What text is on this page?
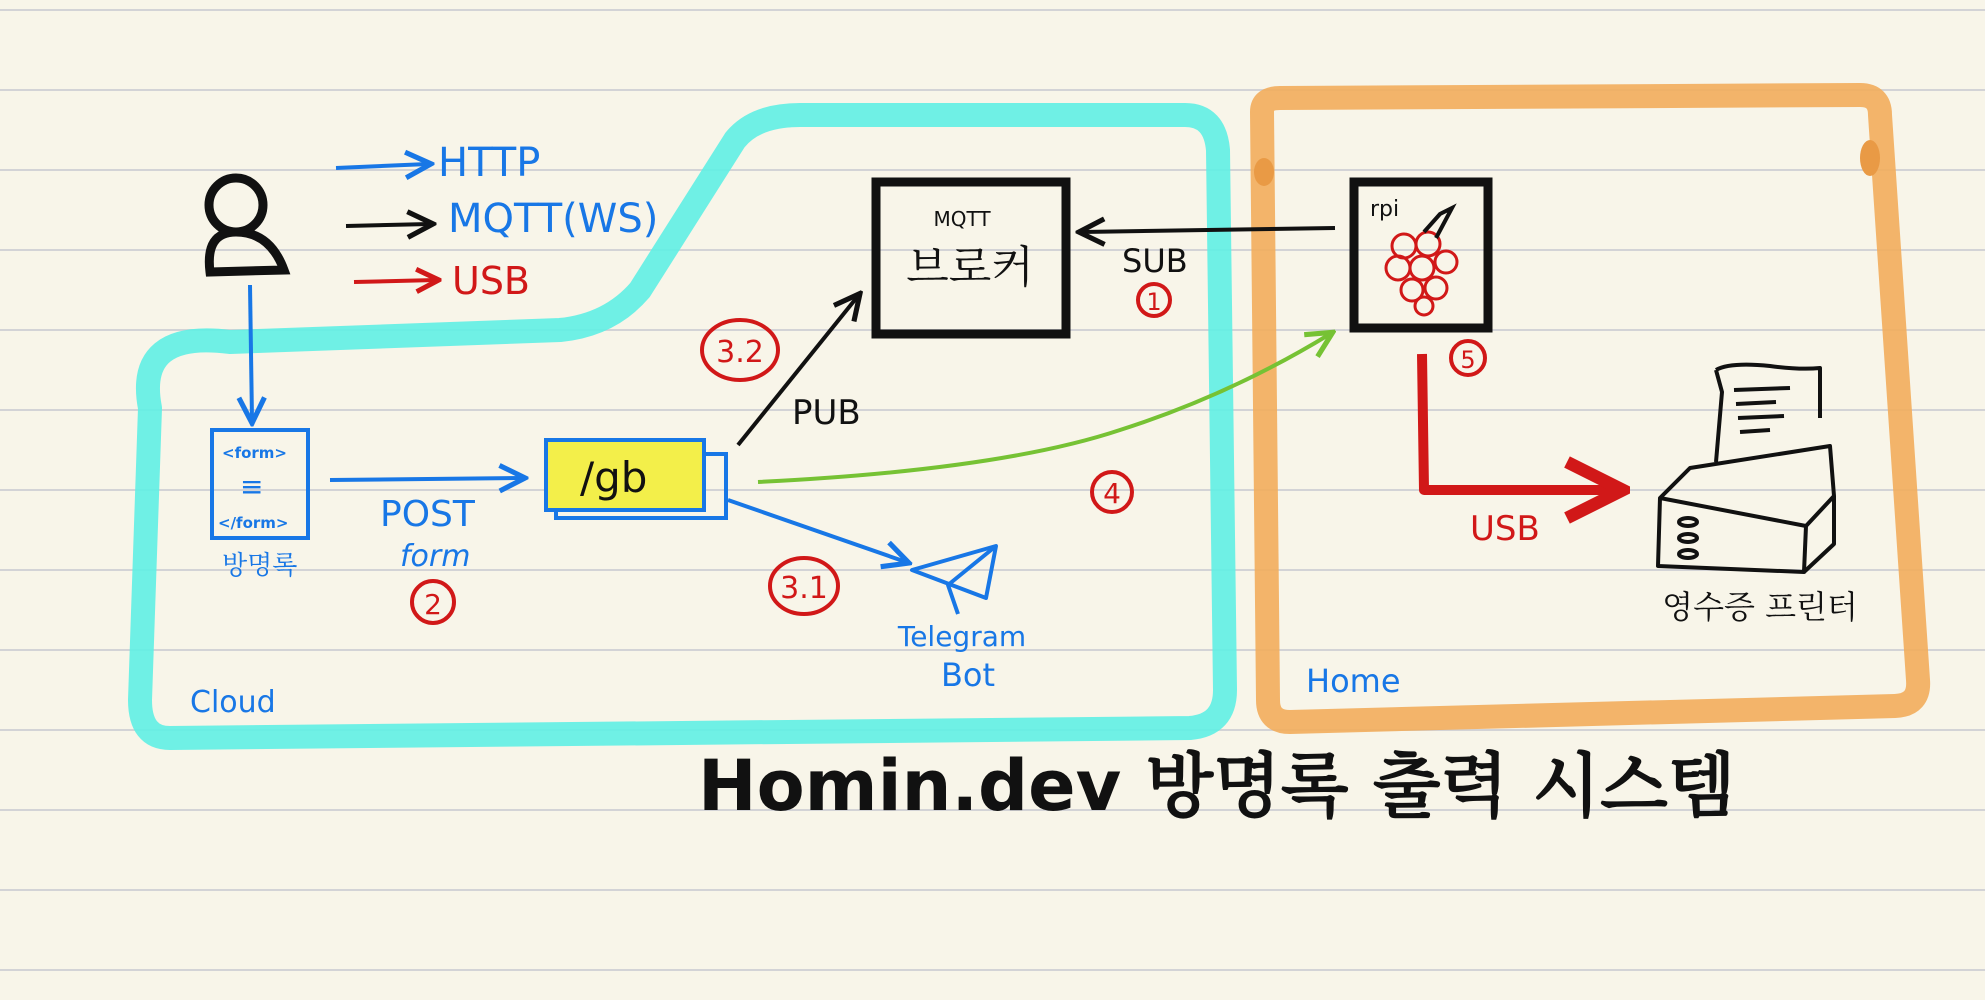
HTTP
MQTT(WS)
USB
<form>
≡
</form>
방명록
POST
form
2
/gb
PUB
3.2
MQTT
브로커	SUB
1
3.1
Telegram
Bot
4
rpi
5
USB
영수증 프린터
Cloud
Home
Homin.dev 방명록 출력 시스템
